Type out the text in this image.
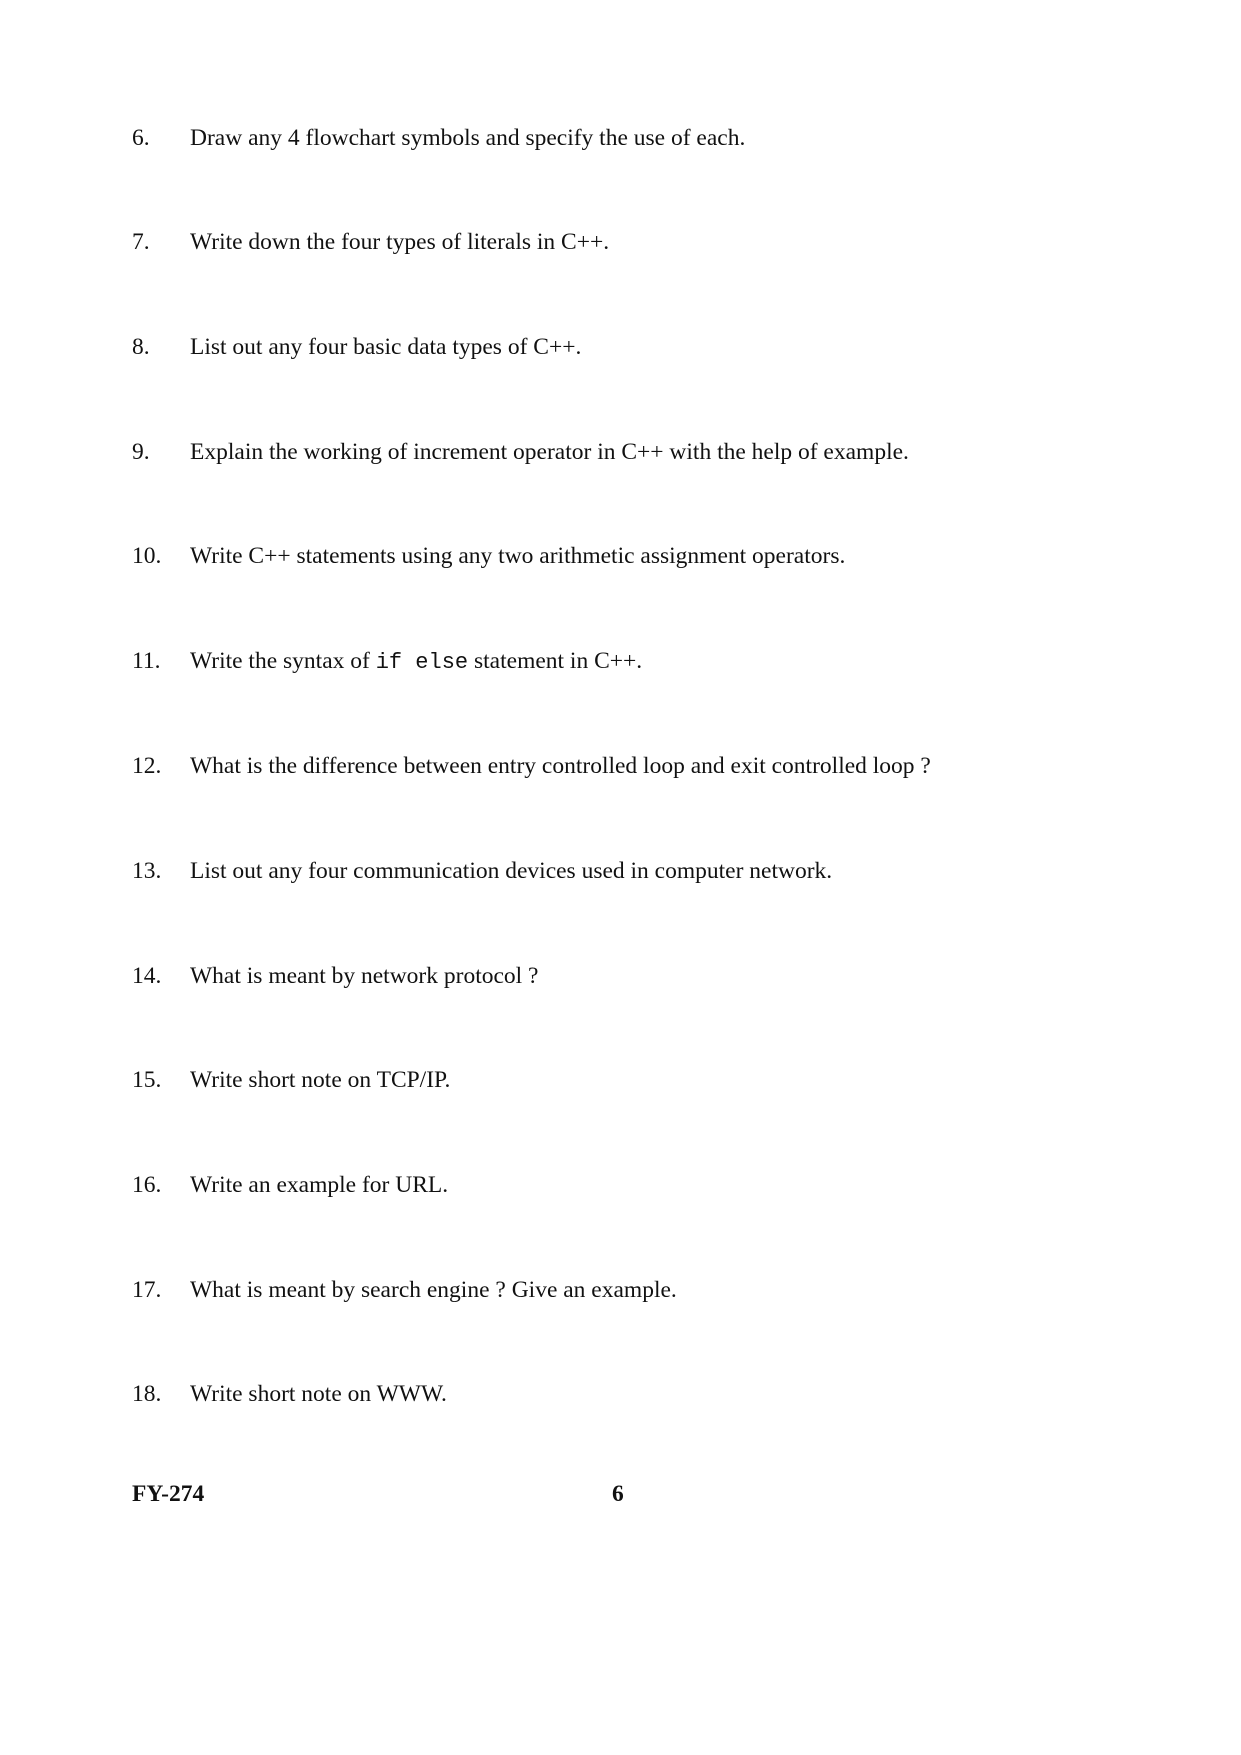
6. Draw any 4 flowchart symbols and specify the use of each.
7. Write down the four types of literals in C++.
8. List out any four basic data types of C++.
9. Explain the working of increment operator in C++ with the help of example.
10. Write C++ statements using any two arithmetic assignment operators.
11. Write the syntax of if else statement in C++.
12. What is the difference between entry controlled loop and exit controlled loop ?
13. List out any four communication devices used in computer network.
14. What is meant by network protocol ?
15. Write short note on TCP/IP.
16. Write an example for URL.
17. What is meant by search engine ? Give an example.
18. Write short note on WWW.
FY-274	6
